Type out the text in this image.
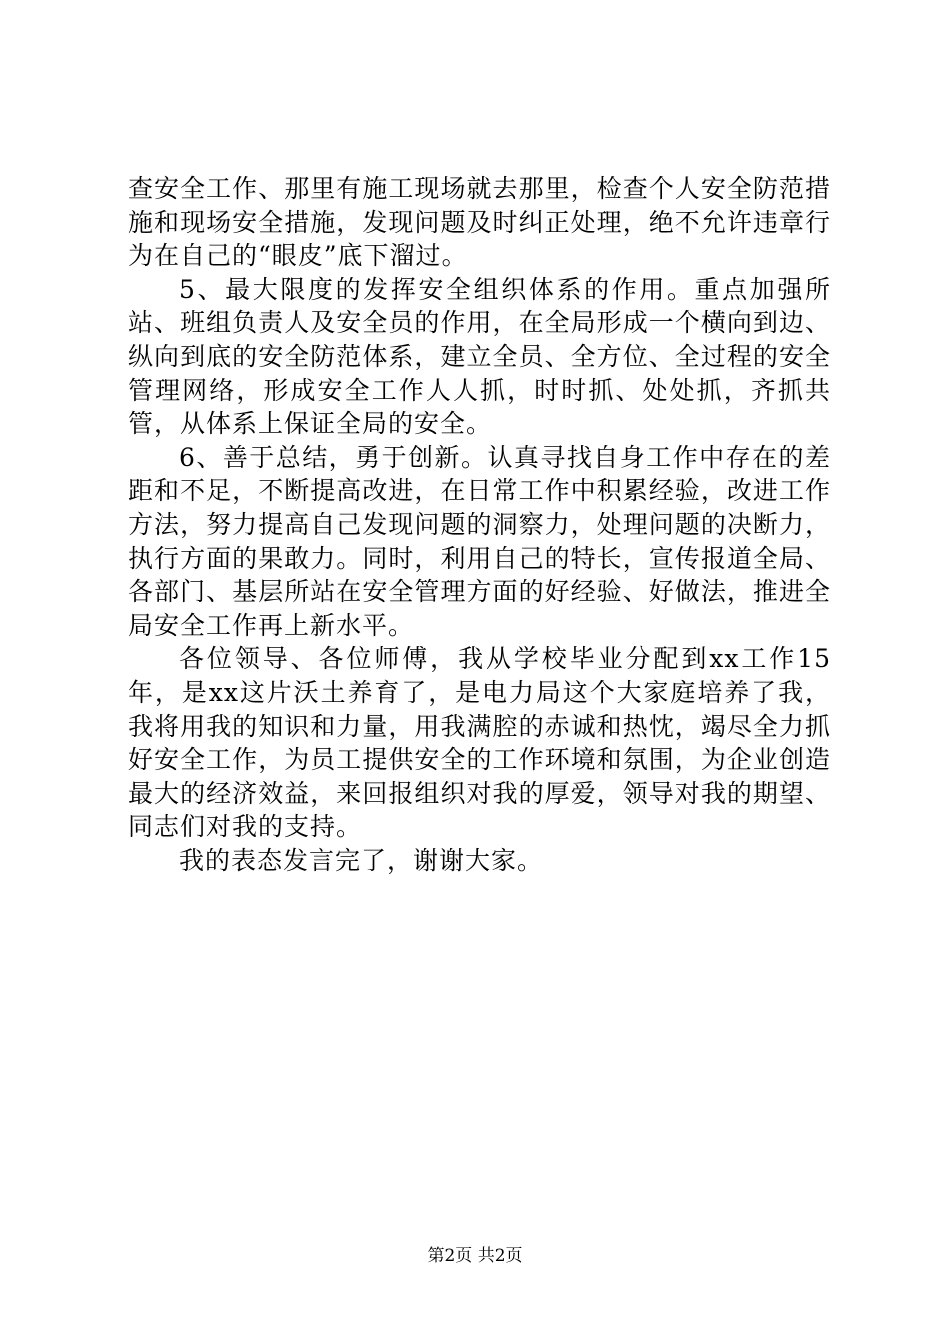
查安全工作、那里有施工现场就去那里，检查个人安全防范措施和现场安全措施，发现问题及时纠正处理，绝不允许违章行为在自己的“眼皮”底下溜过。

5、最大限度的发挥安全组织体系的作用。重点加强所站、班组负责人及安全员的作用，在全局形成一个横向到边、纵向到底的安全防范体系，建立全员、全方位、全过程的安全管理网络，形成安全工作人人抓，时时抓、处处抓，齐抓共管，从体系上保证全局的安全。

6、善于总结，勇于创新。认真寻找自身工作中存在的差距和不足，不断提高改进，在日常工作中积累经验，改进工作方法，努力提高自己发现问题的洞察力，处理问题的决断力，执行方面的果敢力。同时，利用自己的特长，宣传报道全局、各部门、基层所站在安全管理方面的好经验、好做法，推进全局安全工作再上新水平。

各位领导、各位师傅，我从学校毕业分配到xx工作15年，是xx这片沃土养育了，是电力局这个大家庭培养了我，我将用我的知识和力量，用我满腔的赤诚和热忱，竭尽全力抓好安全工作，为员工提供安全的工作环境和氛围，为企业创造最大的经济效益，来回报组织对我的厚爱，领导对我的期望、同志们对我的支持。

我的表态发言完了，谢谢大家。

第2页 共2页
